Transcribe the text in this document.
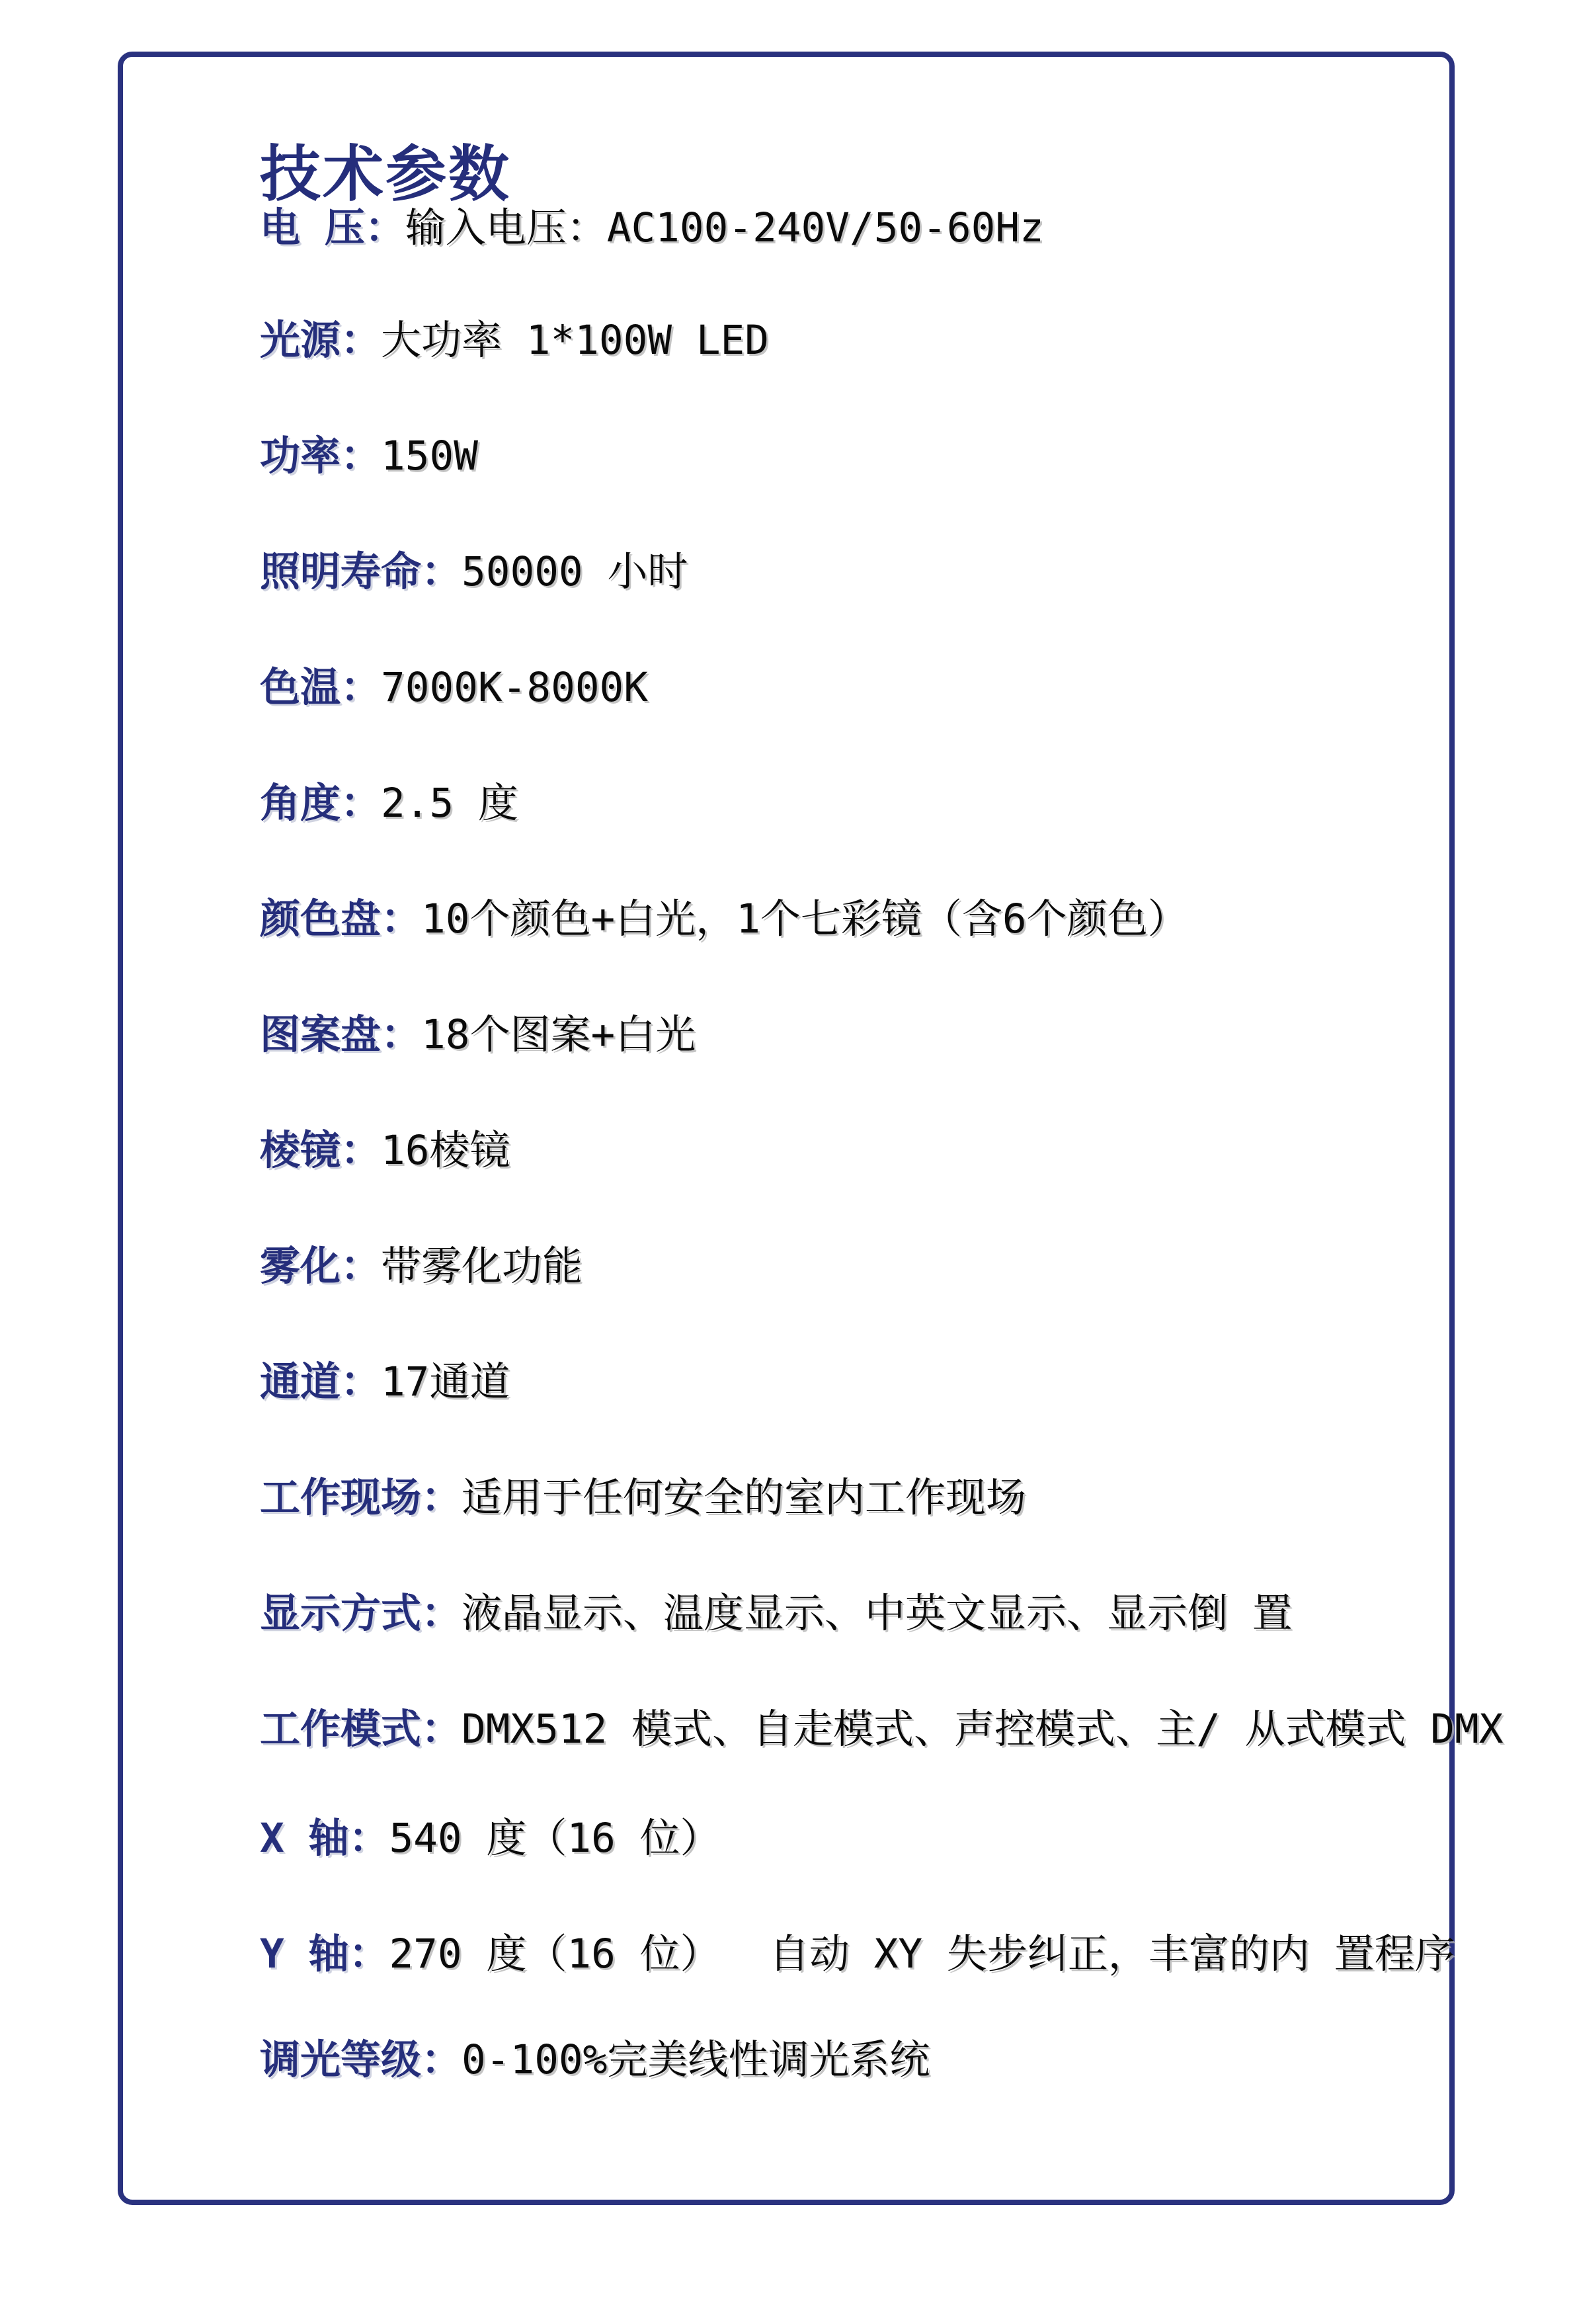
技术参数
电 压：输入电压：AC100-240V/50-60Hz
光源：大功率 1*100W LED
功率：150W
照明寿命：50000 小时
色温：7000K-8000K
角度：2.5 度
颜色盘：10个颜色+白光，1个七彩镜（含6个颜色）
图案盘：18个图案+白光
棱镜：16棱镜
雾化：带雾化功能
通道：17通道
工作现场：适用于任何安全的室内工作现场
显示方式：液晶显示、温度显示、中英文显示、显示倒 置
工作模式：DMX512 模式、自走模式、声控模式、主/ 从式模式 DMX
X 轴：540 度（16 位）
Y 轴：270 度（16 位）  自动 XY 失步纠正，丰富的内 置程序
调光等级：0-100%完美线性调光系统
